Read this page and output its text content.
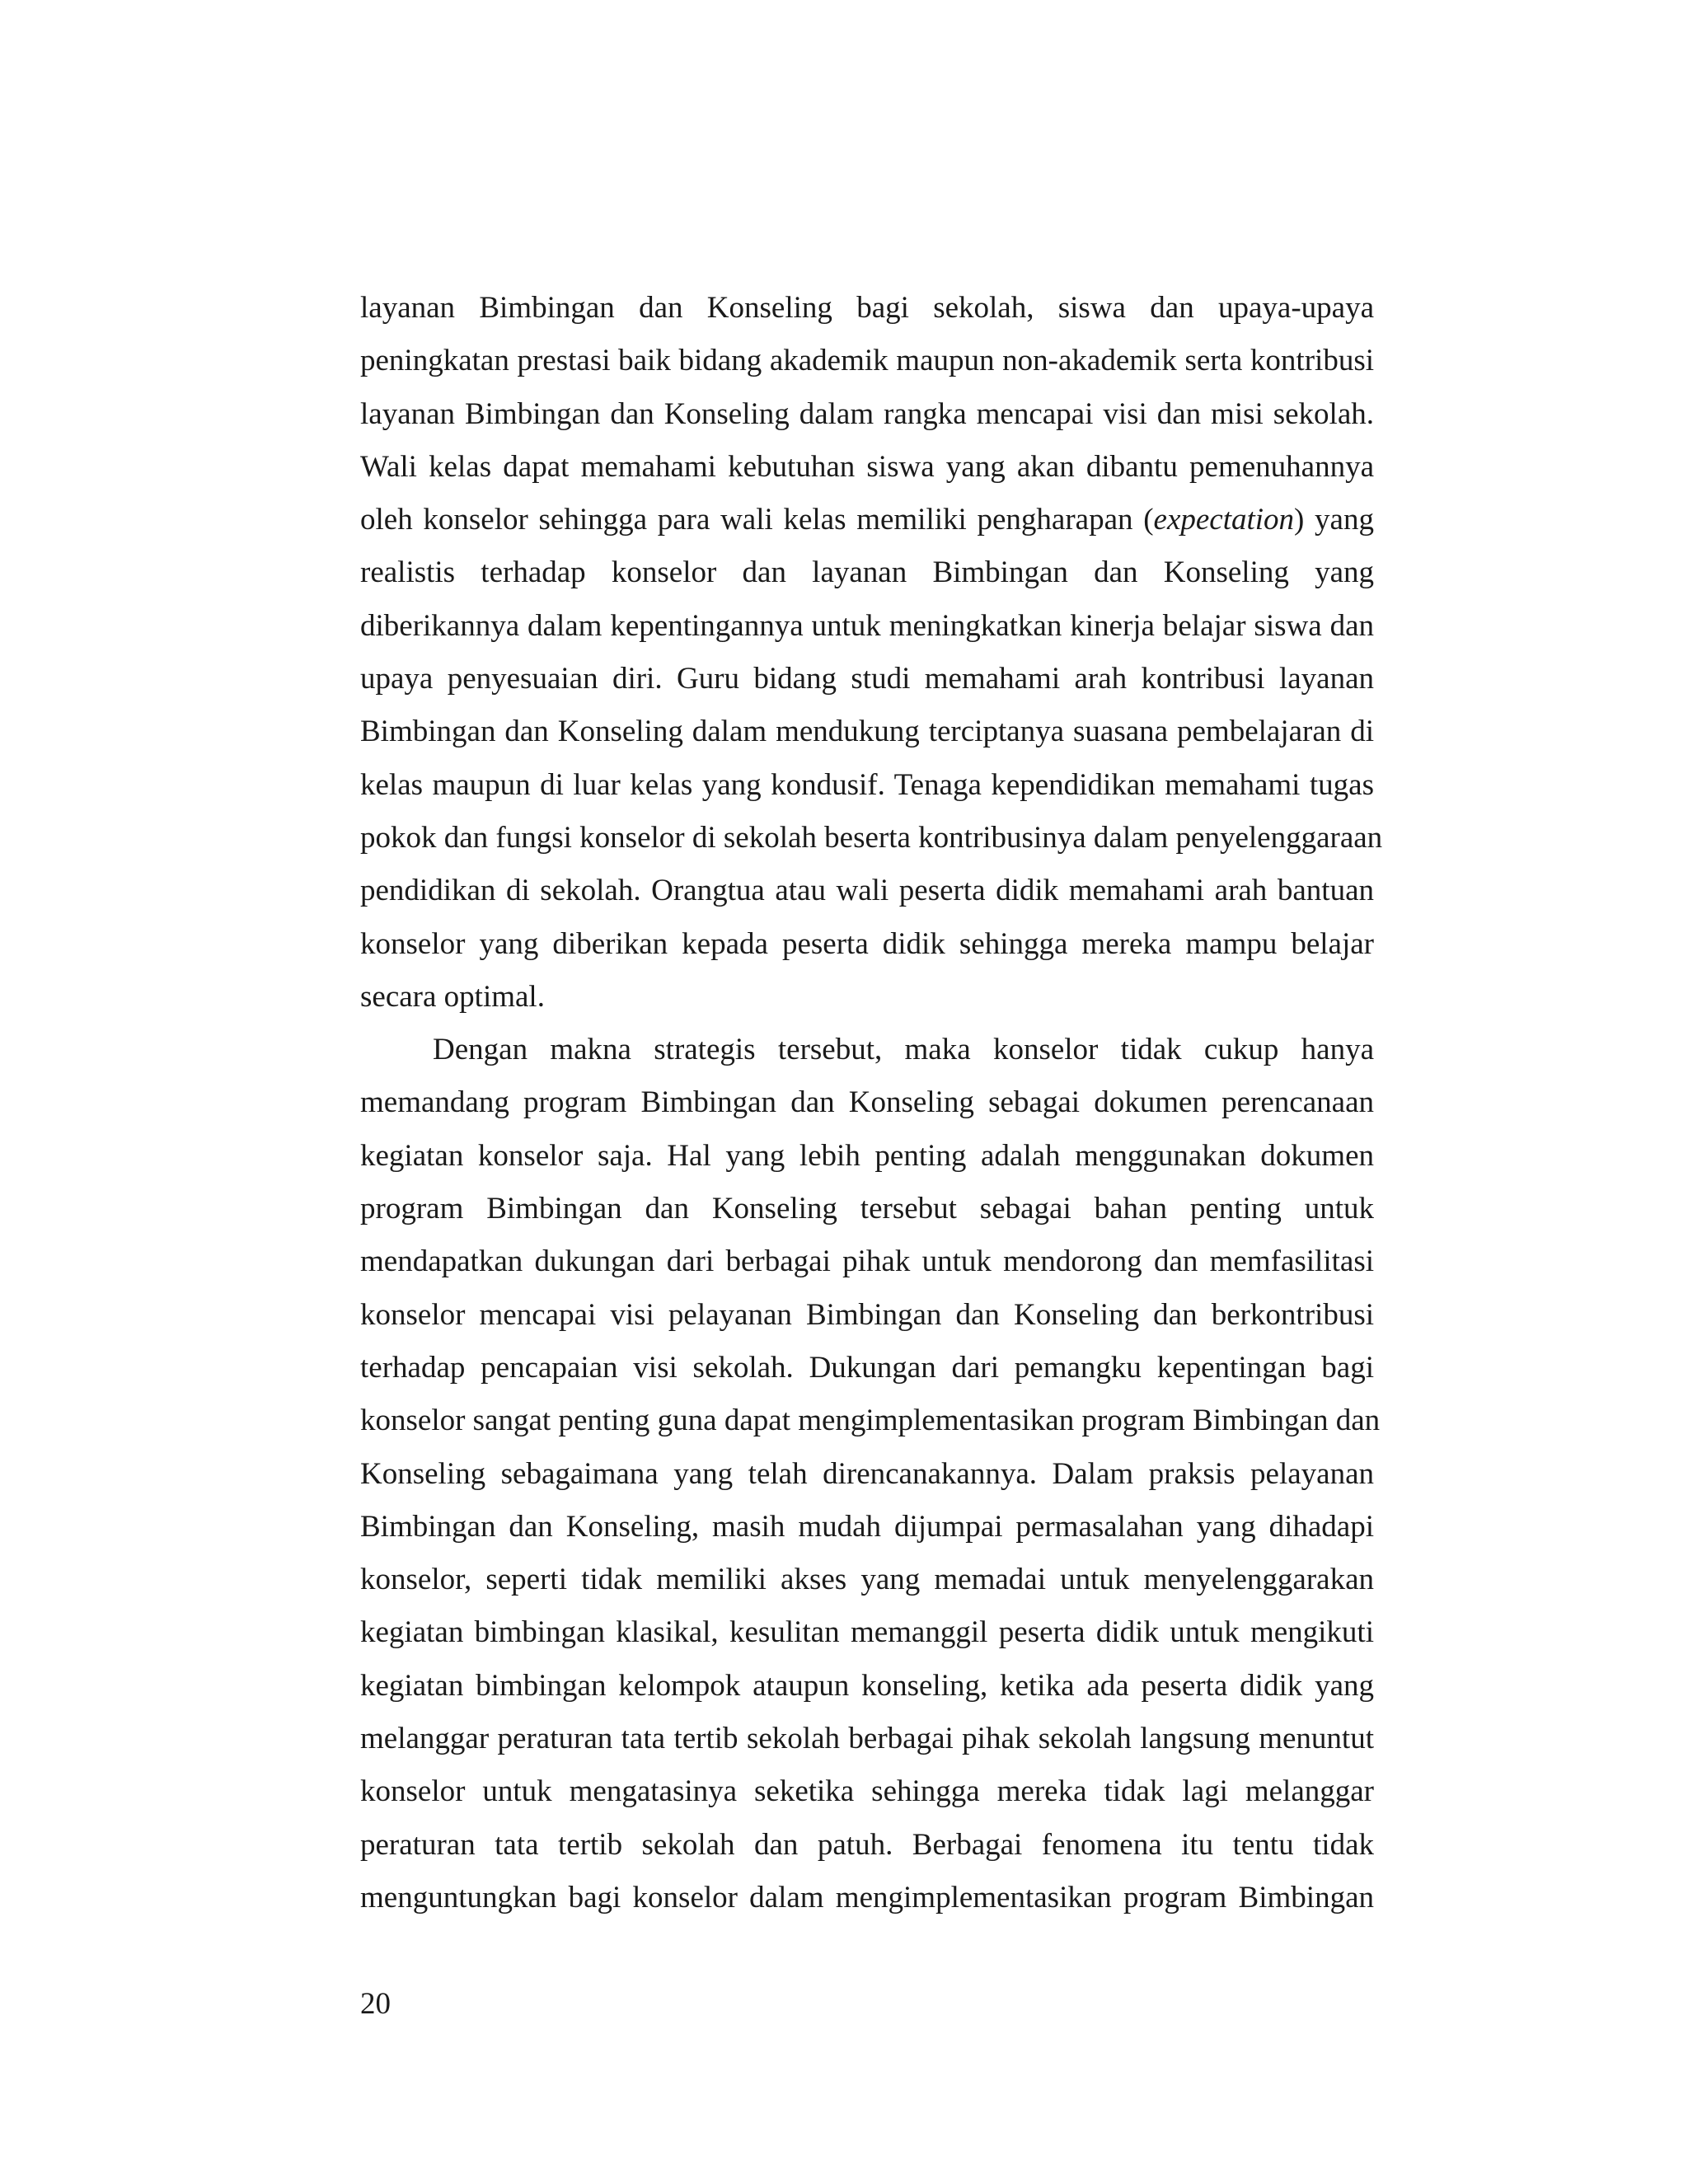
layanan Bimbingan dan Konseling bagi sekolah, siswa dan upaya-upaya
peningkatan prestasi baik bidang akademik maupun non-akademik serta kontribusi
layanan Bimbingan dan Konseling dalam rangka mencapai visi dan misi sekolah.
Wali kelas dapat memahami kebutuhan siswa yang akan dibantu pemenuhannya
oleh konselor sehingga para wali kelas memiliki pengharapan (expectation) yang
realistis terhadap konselor dan layanan Bimbingan dan Konseling yang
diberikannya dalam kepentingannya untuk meningkatkan kinerja belajar siswa dan
upaya penyesuaian diri. Guru bidang studi memahami arah kontribusi layanan
Bimbingan dan Konseling dalam mendukung terciptanya suasana pembelajaran di
kelas maupun di luar kelas yang kondusif. Tenaga kependidikan memahami tugas
pokok dan fungsi konselor di sekolah beserta kontribusinya dalam penyelenggaraan
pendidikan di sekolah. Orangtua atau wali peserta didik memahami arah bantuan
konselor yang diberikan kepada peserta didik sehingga mereka mampu belajar
secara optimal.
Dengan makna strategis tersebut, maka konselor tidak cukup hanya
memandang program Bimbingan dan Konseling sebagai dokumen perencanaan
kegiatan konselor saja. Hal yang lebih penting adalah menggunakan dokumen
program Bimbingan dan Konseling tersebut sebagai bahan penting untuk
mendapatkan dukungan dari berbagai pihak untuk mendorong dan memfasilitasi
konselor mencapai visi pelayanan Bimbingan dan Konseling dan berkontribusi
terhadap pencapaian visi sekolah. Dukungan dari pemangku kepentingan bagi
konselor sangat penting guna dapat mengimplementasikan program Bimbingan dan
Konseling sebagaimana yang telah direncanakannya. Dalam praksis pelayanan
Bimbingan dan Konseling, masih mudah dijumpai permasalahan yang dihadapi
konselor, seperti tidak memiliki akses yang memadai untuk menyelenggarakan
kegiatan bimbingan klasikal, kesulitan memanggil peserta didik untuk mengikuti
kegiatan bimbingan kelompok ataupun konseling, ketika ada peserta didik yang
melanggar peraturan tata tertib sekolah berbagai pihak sekolah langsung menuntut
konselor untuk mengatasinya seketika sehingga mereka tidak lagi melanggar
peraturan tata tertib sekolah dan patuh. Berbagai fenomena itu tentu tidak
menguntungkan bagi konselor dalam mengimplementasikan program Bimbingan
20
